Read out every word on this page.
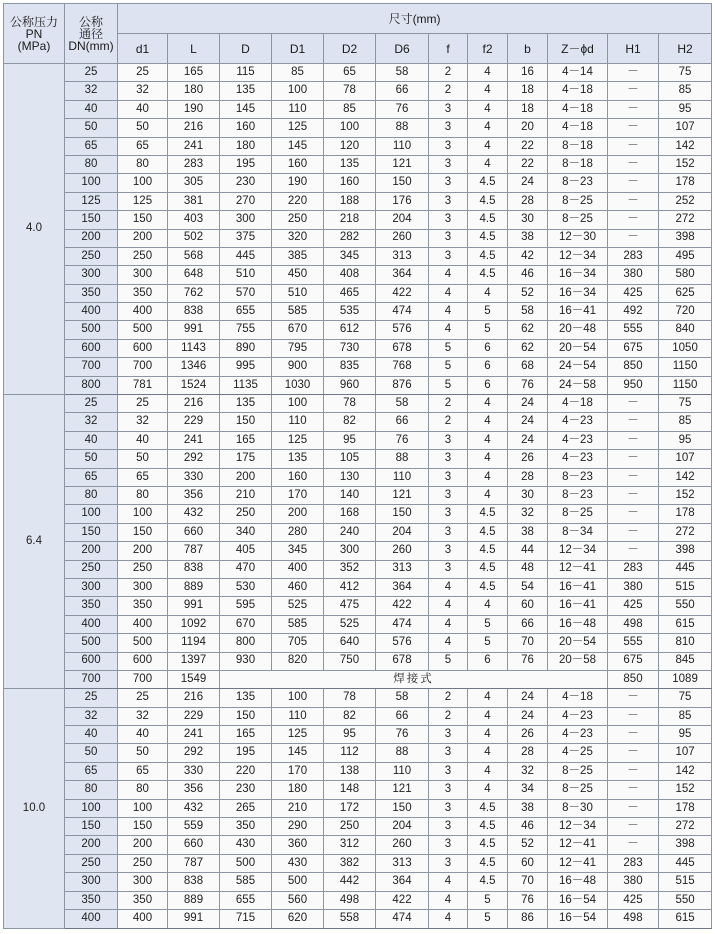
公称压力
PN
(MPa)	公称
通径
DN(mm)	尺寸(mm)											
		d1	L	D	D1	D2	D6	f	f2	b	Z－ϕd	H1	H2
4.0	25	25	165	115	85	65	58	2	4	16	4－14	－	75
	32	32	180	135	100	78	66	2	4	18	4－18	－	85
	40	40	190	145	110	85	76	3	4	18	4－18	－	95
	50	50	216	160	125	100	88	3	4	20	4－18	－	107
	65	65	241	180	145	120	110	3	4	22	8－18	－	142
	80	80	283	195	160	135	121	3	4	22	8－18	－	152
	100	100	305	230	190	160	150	3	4.5	24	8－23	－	178
	125	125	381	270	220	188	176	3	4.5	28	8－25	－	252
	150	150	403	300	250	218	204	3	4.5	30	8－25	－	272
	200	200	502	375	320	282	260	3	4.5	38	12－30	－	398
	250	250	568	445	385	345	313	3	4.5	42	12－34	283	495
	300	300	648	510	450	408	364	4	4.5	46	16－34	380	580
	350	350	762	570	510	465	422	4	4	52	16－34	425	625
	400	400	838	655	585	535	474	4	5	58	16－41	492	720
	500	500	991	755	670	612	576	4	5	62	20－48	555	840
	600	600	1143	890	795	730	678	5	6	62	20－54	675	1050
	700	700	1346	995	900	835	768	5	6	68	24－54	850	1150
	800	781	1524	1135	1030	960	876	5	6	76	24－58	950	1150
6.4	25	25	216	135	100	78	58	2	4	24	4－18	－	75
	32	32	229	150	110	82	66	2	4	24	4－23	－	85
	40	40	241	165	125	95	76	3	4	24	4－23	－	95
	50	50	292	175	135	105	88	3	4	26	4－23	－	107
	65	65	330	200	160	130	110	3	4	28	8－23	－	142
	80	80	356	210	170	140	121	3	4	30	8－23	－	152
	100	100	432	250	200	168	150	3	4.5	32	8－25	－	178
	150	150	660	340	280	240	204	3	4.5	38	8－34	－	272
	200	200	787	405	345	300	260	3	4.5	44	12－34	－	398
	250	250	838	470	400	352	313	3	4.5	48	12－41	283	445
	300	300	889	530	460	412	364	4	4.5	54	16－41	380	515
	350	350	991	595	525	475	422	4	4	60	16－41	425	550
	400	400	1092	670	585	525	474	4	5	66	16－48	498	615
	500	500	1194	800	705	640	576	4	5	70	20－54	555	810
	600	600	1397	930	820	750	678	5	6	76	20－58	675	845
	700	700	1549	焊接式								850	1089
10.0	25	25	216	135	100	78	58	2	4	24	4－18	－	75
	32	32	229	150	110	82	66	2	4	24	4－23	－	85
	40	40	241	165	125	95	76	3	4	26	4－23	－	95
	50	50	292	195	145	112	88	3	4	28	4－25	－	107
	65	65	330	220	170	138	110	3	4	32	8－25	－	142
	80	80	356	230	180	148	121	3	4	34	8－25	－	152
	100	100	432	265	210	172	150	3	4.5	38	8－30	－	178
	150	150	559	350	290	250	204	3	4.5	46	12－34	－	272
	200	200	660	430	360	312	260	3	4.5	52	12－41	－	398
	250	250	787	500	430	382	313	3	4.5	60	12－41	283	445
	300	300	838	585	500	442	364	4	4.5	70	16－48	380	515
	350	350	889	655	560	498	422	4	5	76	16－54	425	550
	400	400	991	715	620	558	474	4	5	86	16－54	498	615
